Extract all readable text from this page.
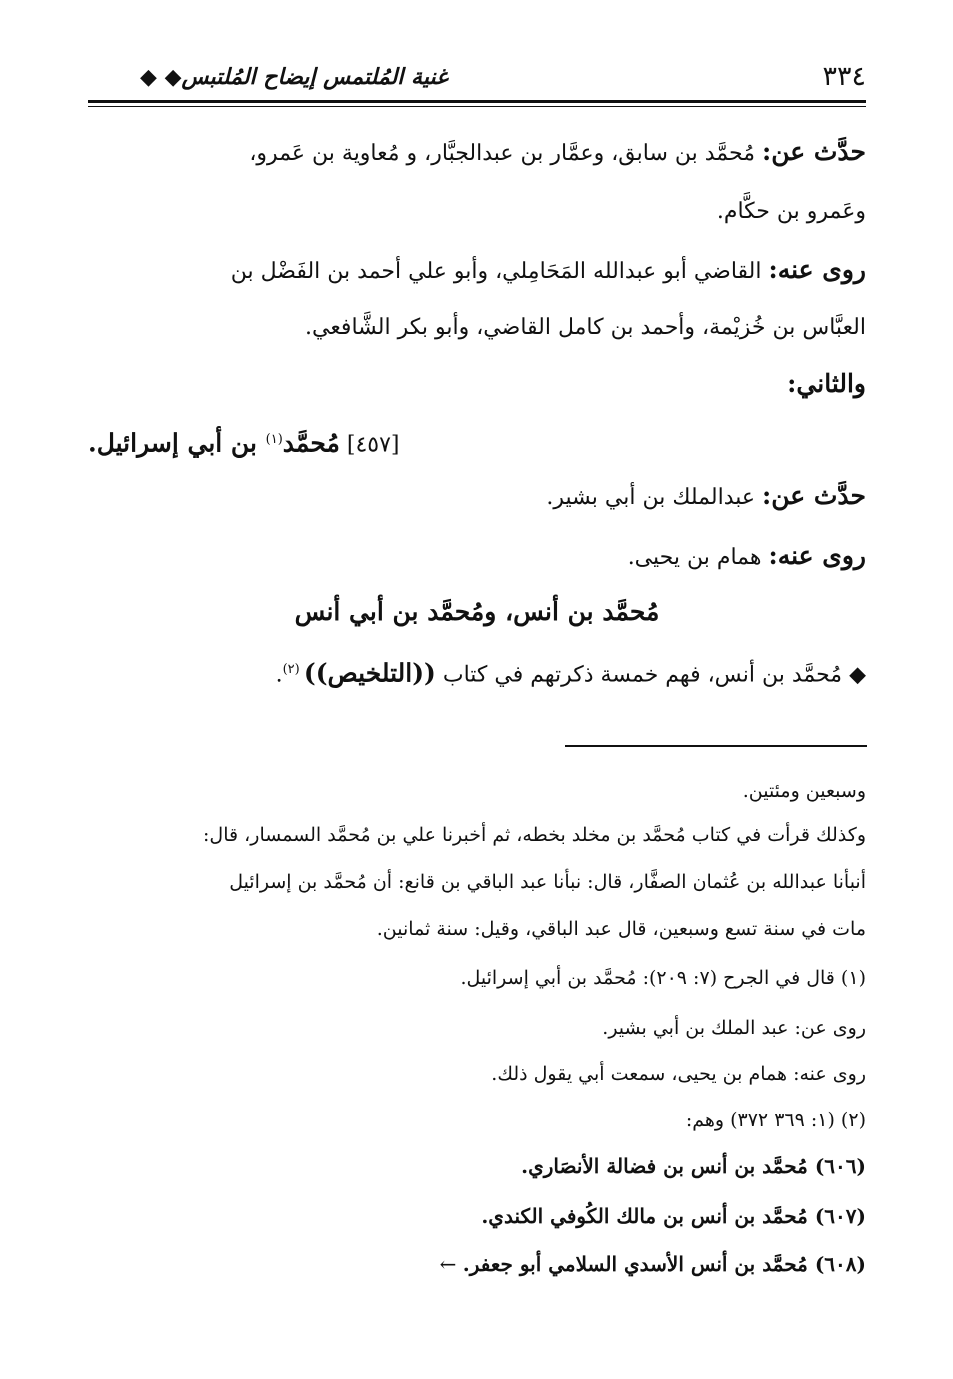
٣٣٤
غنية المُلتمس إيضاح المُلتبس◆ ◆
حدَّث عن: مُحمَّد بن سابق، وعمَّار بن عبدالجبَّار، و مُعاوية بن عَمرو،
وعَمرو بن حكَّام.
روى عنه: القاضي أبو عبدالله المَحَامِلي، وأبو علي أحمد بن الفَضْل بن
العبَّاس بن خُزيْمة، وأحمد بن كامل القاضي، وأبو بكر الشَّافعي.
والثاني:
[٤٥٧] مُحمَّد$^{(١)}$ بن أبي إسرائيل.
حدَّث عن: عبدالملك بن أبي بشير.
روى عنه: همام بن يحيى.
مُحمَّد بن أنس، ومُحمَّد بن أبي أنس
◆ مُحمَّد بن أنس، فهم خمسة ذكرتهم في كتاب ((التلخيص)) $^{(٢)}$.
وسبعين ومئتين.
وكذلك قرأت في كتاب مُحمَّد بن مخلد بخطه، ثم أخبرنا علي بن مُحمَّد السمسار، قال:
أنبأنا عبدالله بن عُثمان الصفَّار، قال: نبأنا عبد الباقي بن قانع: أن مُحمَّد بن إسرائيل
مات في سنة تسع وسبعين، قال عبد الباقي، وقيل: سنة ثمانين.
(١) قال في الجرح (٧: ٢٠٩): مُحمَّد بن أبي إسرائيل.
روى عن: عبد الملك بن أبي بشير.
روى عنه: همام بن يحيى، سمعت أبي يقول ذلك.
(٢) (١: ٣٦٩ ٣٧٢) وهم:
(٦٠٦) مُحمَّد بن أنس بن فضالة الأنصَاري.
(٦٠٧) مُحمَّد بن أنس بن مالك الكُوفي الكندي.
(٦٠٨) مُحمَّد بن أنس الأسدي السلامي أبو جعفر. ←
